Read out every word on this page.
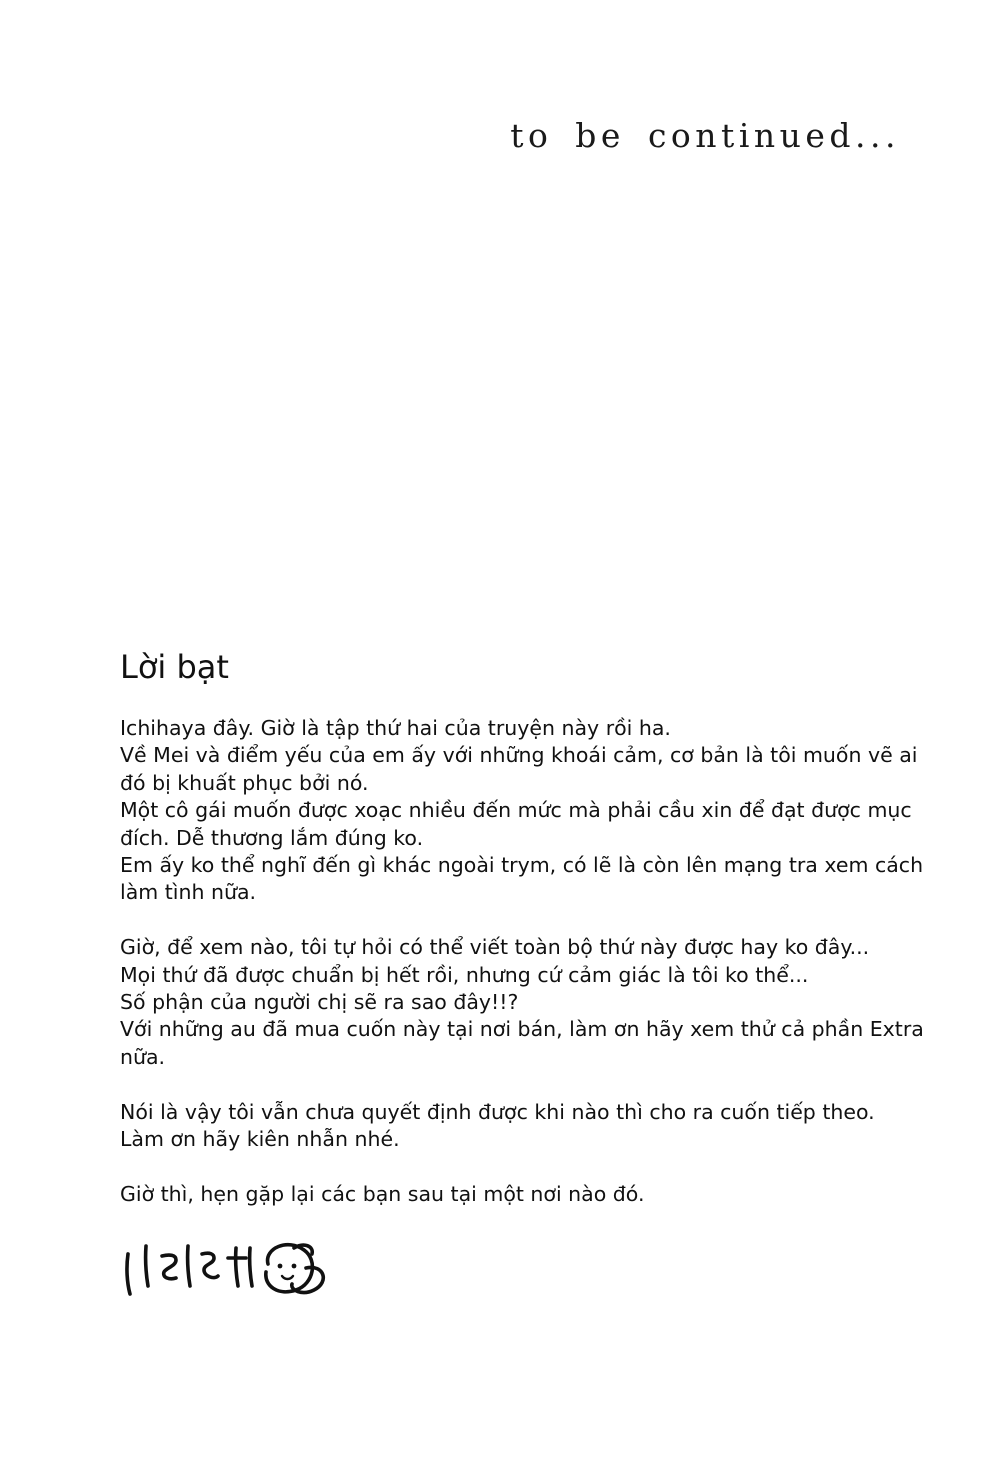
to be continued...
Lời bạt
Ichihaya đây. Giờ là tập thứ hai của truyện này rồi ha.
Về Mei và điểm yếu của em ấy với những khoái cảm, cơ bản là tôi muốn vẽ ai
đó bị khuất phục bởi nó.
Một cô gái muốn được xoạc nhiều đến mức mà phải cầu xin để đạt được mục
đích. Dễ thương lắm đúng ko.
Em ấy ko thể nghĩ đến gì khác ngoài trym, có lẽ là còn lên mạng tra xem cách
làm tình nữa.
Giờ, để xem nào, tôi tự hỏi có thể viết toàn bộ thứ này được hay ko đây...
Mọi thứ đã được chuẩn bị hết rồi, nhưng cứ cảm giác là tôi ko thể...
Số phận của người chị sẽ ra sao đây!!?
Với những au đã mua cuốn này tại nơi bán, làm ơn hãy xem thử cả phần Extra
nữa.
Nói là vậy tôi vẫn chưa quyết định được khi nào thì cho ra cuốn tiếp theo.
Làm ơn hãy kiên nhẫn nhé.
Giờ thì, hẹn gặp lại các bạn sau tại một nơi nào đó.
